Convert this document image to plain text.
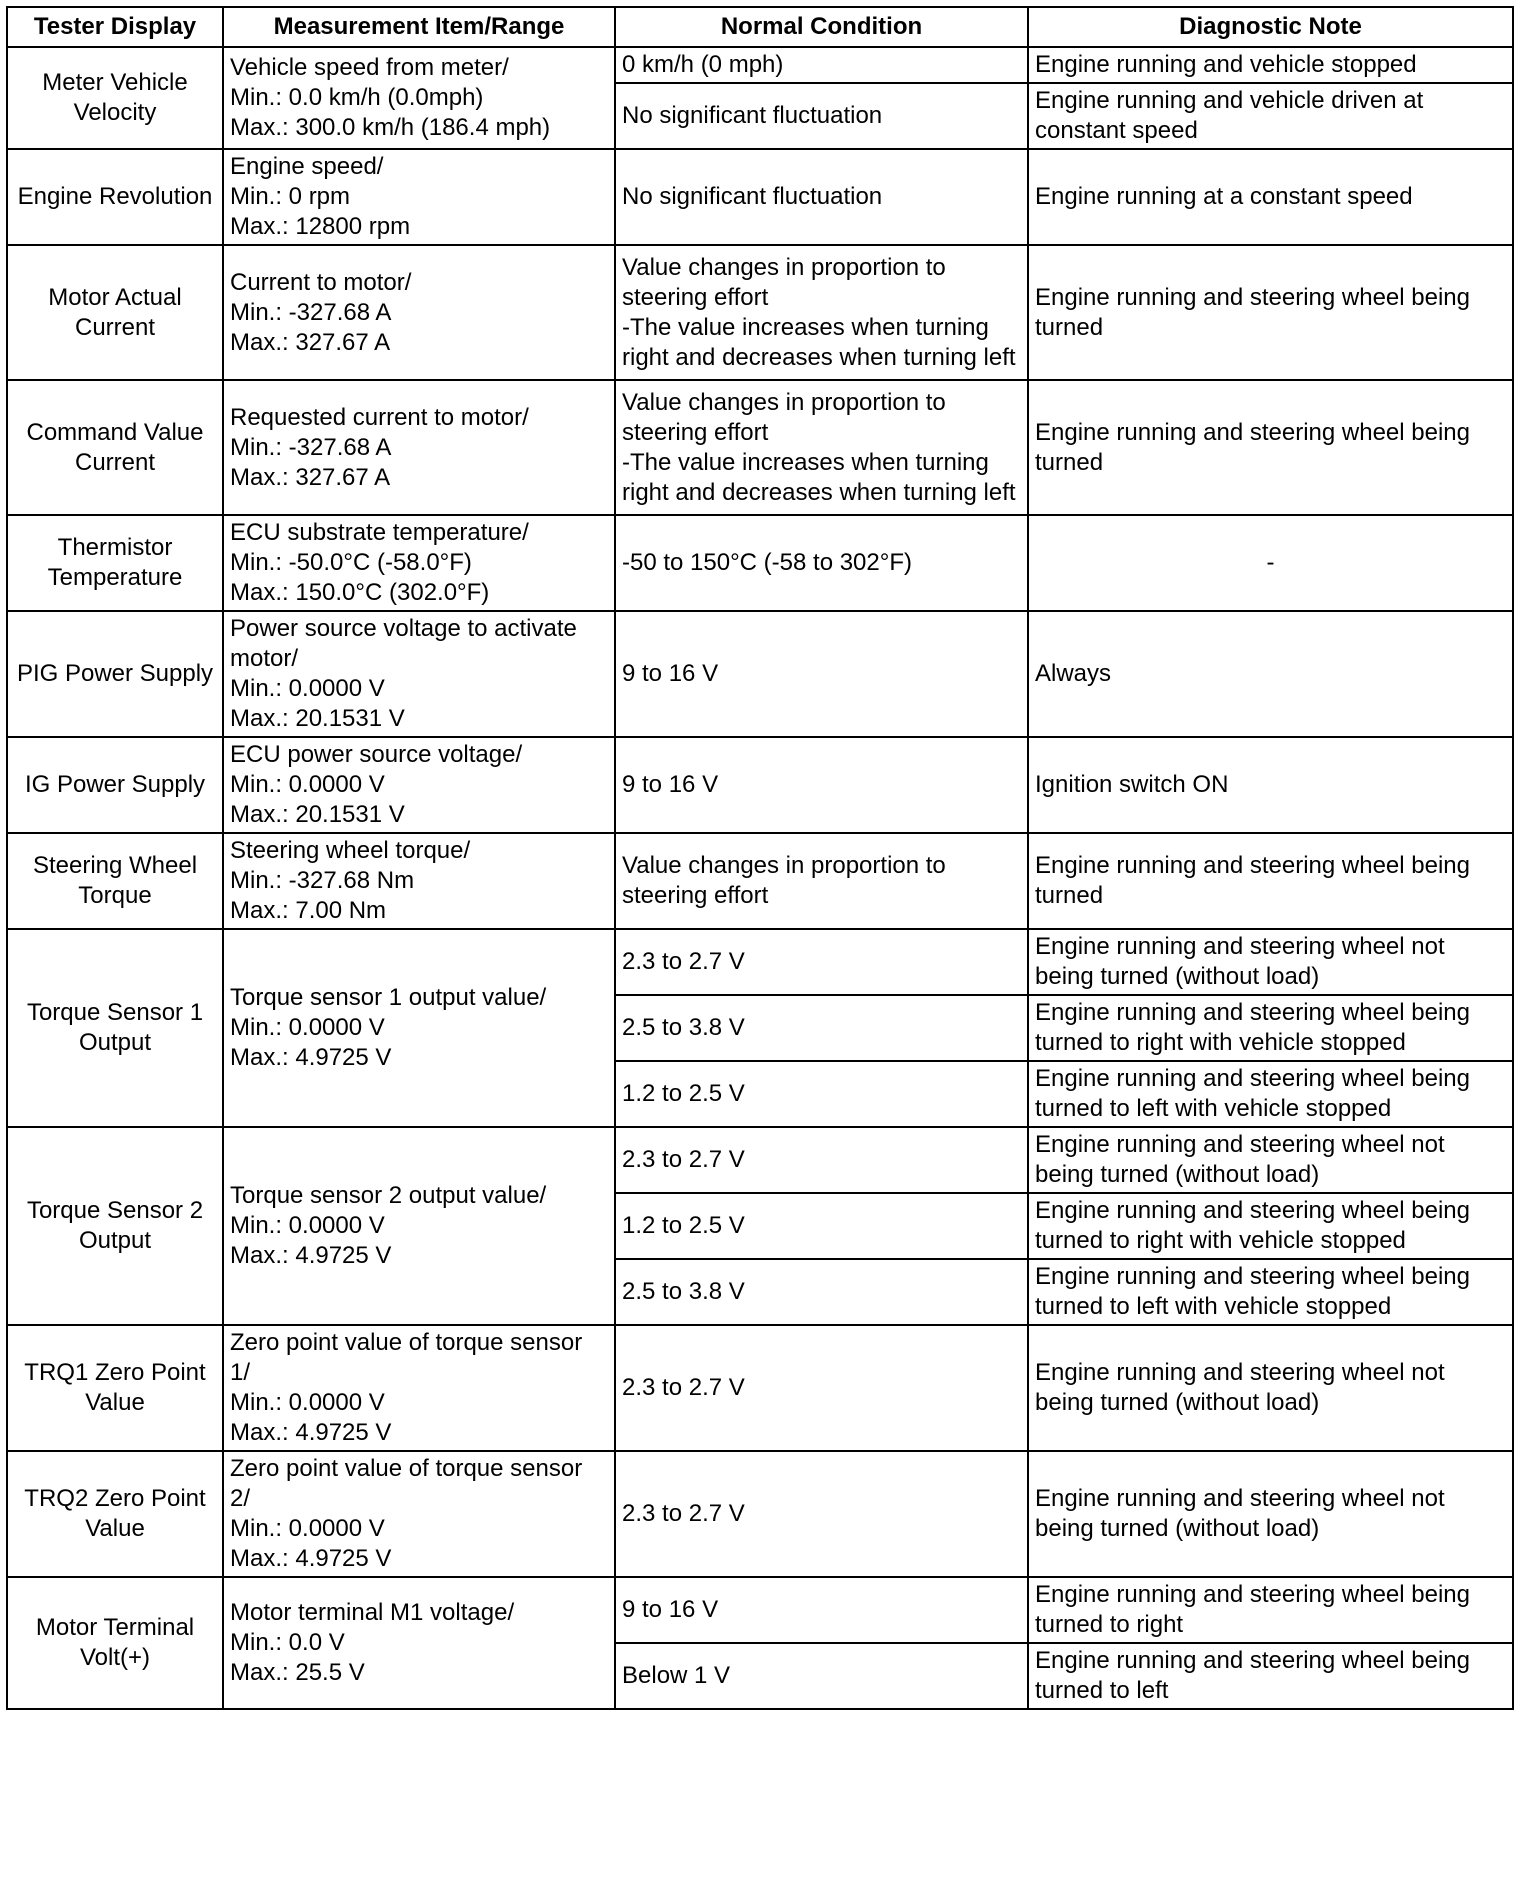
Tester Display	Measurement Item/Range	Normal Condition	Diagnostic Note
Meter Vehicle
Velocity	Vehicle speed from meter/
Min.: 0.0 km/h (0.0mph)
Max.: 300.0 km/h (186.4 mph)	0 km/h (0 mph)	Engine running and vehicle stopped
		No significant fluctuation	Engine running and vehicle driven at constant speed
Engine Revolution	Engine speed/
Min.: 0 rpm
Max.: 12800 rpm	No significant fluctuation	Engine running at a constant speed
Motor Actual
Current	Current to motor/
Min.: -327.68 A
Max.: 327.67 A	Value changes in proportion to steering effort
-The value increases when turning right and decreases when turning left	Engine running and steering wheel being turned
Command Value
Current	Requested current to motor/
Min.: -327.68 A
Max.: 327.67 A	Value changes in proportion to steering effort
-The value increases when turning right and decreases when turning left	Engine running and steering wheel being turned
Thermistor
Temperature	ECU substrate temperature/
Min.: -50.0°C (-58.0°F)
Max.: 150.0°C (302.0°F)	-50 to 150°C (-58 to 302°F)	-
PIG Power Supply	Power source voltage to activate motor/
Min.: 0.0000 V
Max.: 20.1531 V	9 to 16 V	Always
IG Power Supply	ECU power source voltage/
Min.: 0.0000 V
Max.: 20.1531 V	9 to 16 V	Ignition switch ON
Steering Wheel
Torque	Steering wheel torque/
Min.: -327.68 Nm
Max.: 7.00 Nm	Value changes in proportion to steering effort	Engine running and steering wheel being turned
Torque Sensor 1
Output	Torque sensor 1 output value/
Min.: 0.0000 V
Max.: 4.9725 V	2.3 to 2.7 V	Engine running and steering wheel not being turned (without load)
		2.5 to 3.8 V	Engine running and steering wheel being turned to right with vehicle stopped
		1.2 to 2.5 V	Engine running and steering wheel being turned to left with vehicle stopped
Torque Sensor 2
Output	Torque sensor 2 output value/
Min.: 0.0000 V
Max.: 4.9725 V	2.3 to 2.7 V	Engine running and steering wheel not being turned (without load)
		1.2 to 2.5 V	Engine running and steering wheel being turned to right with vehicle stopped
		2.5 to 3.8 V	Engine running and steering wheel being turned to left with vehicle stopped
TRQ1 Zero Point
Value	Zero point value of torque sensor 1/
Min.: 0.0000 V
Max.: 4.9725 V	2.3 to 2.7 V	Engine running and steering wheel not being turned (without load)
TRQ2 Zero Point
Value	Zero point value of torque sensor 2/
Min.: 0.0000 V
Max.: 4.9725 V	2.3 to 2.7 V	Engine running and steering wheel not being turned (without load)
Motor Terminal
Volt(+)	Motor terminal M1 voltage/
Min.: 0.0 V
Max.: 25.5 V	9 to 16 V	Engine running and steering wheel being turned to right
		Below 1 V	Engine running and steering wheel being turned to left
